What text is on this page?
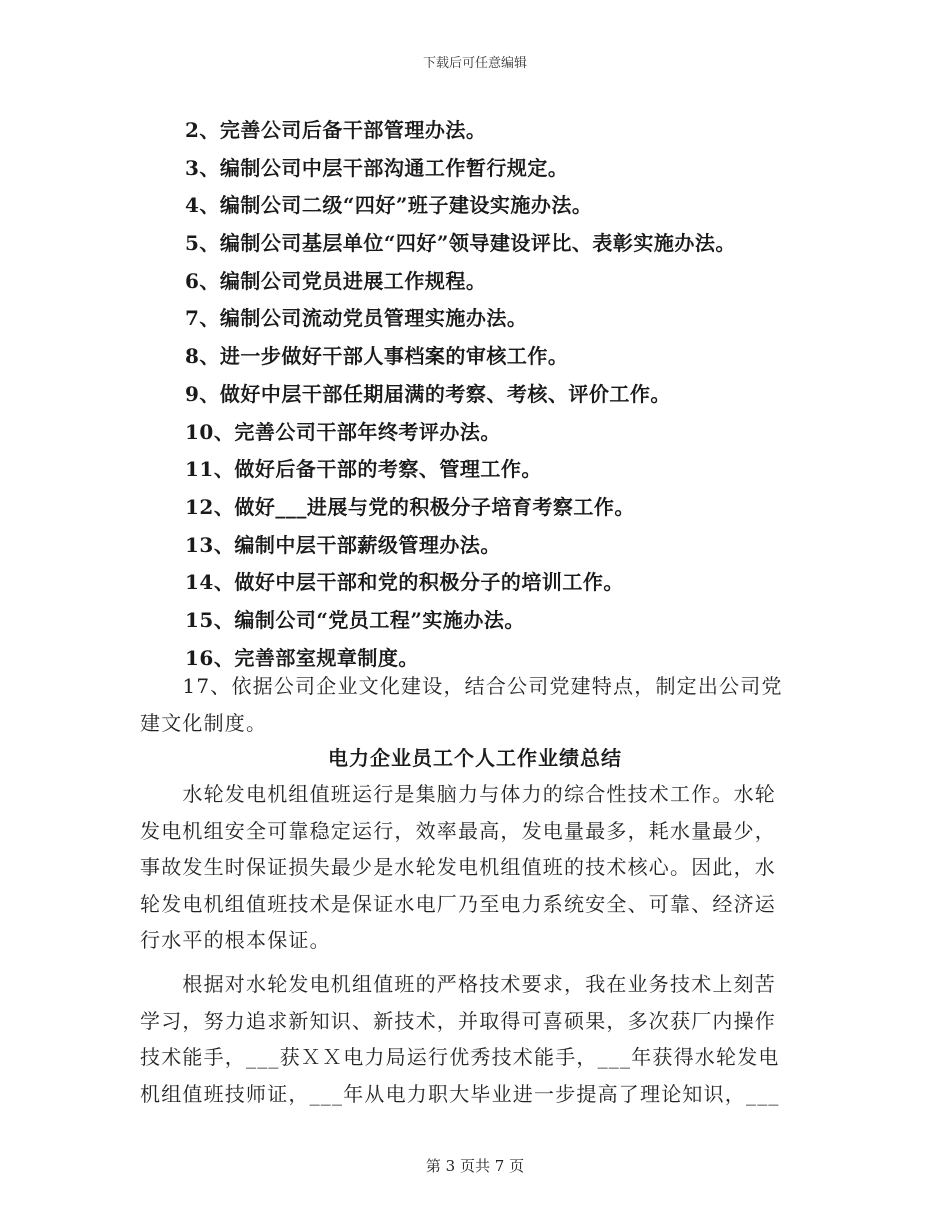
下载后可任意编辑
2、完善公司后备干部管理办法。
3、编制公司中层干部沟通工作暂行规定。
4、编制公司二级“四好”班子建设实施办法。
5、编制公司基层单位“四好”领导建设评比、表彰实施办法。
6、编制公司党员进展工作规程。
7、编制公司流动党员管理实施办法。
8、进一步做好干部人事档案的审核工作。
9、做好中层干部任期届满的考察、考核、评价工作。
10、完善公司干部年终考评办法。
11、做好后备干部的考察、管理工作。
12、做好___进展与党的积极分子培育考察工作。
13、编制中层干部薪级管理办法。
14、做好中层干部和党的积极分子的培训工作。
15、编制公司“党员工程”实施办法。
16、完善部室规章制度。
　　17、依据公司企业文化建设，结合公司党建特点，制定出公司党
建文化制度。
电力企业员工个人工作业绩总结
　　水轮发电机组值班运行是集脑力与体力的综合性技术工作。水轮
发电机组安全可靠稳定运行，效率最高，发电量最多，耗水量最少，
事故发生时保证损失最少是水轮发电机组值班的技术核心。因此，水
轮发电机组值班技术是保证水电厂乃至电力系统安全、可靠、经济运
行水平的根本保证。
　　根据对水轮发电机组值班的严格技术要求，我在业务技术上刻苦
学习，努力追求新知识、新技术，并取得可喜硕果，多次获厂内操作
技术能手，___获ＸＸ电力局运行优秀技术能手，___年获得水轮发电
机组值班技师证，___年从电力职大毕业进一步提高了理论知识，___
第 3 页共 7 页
